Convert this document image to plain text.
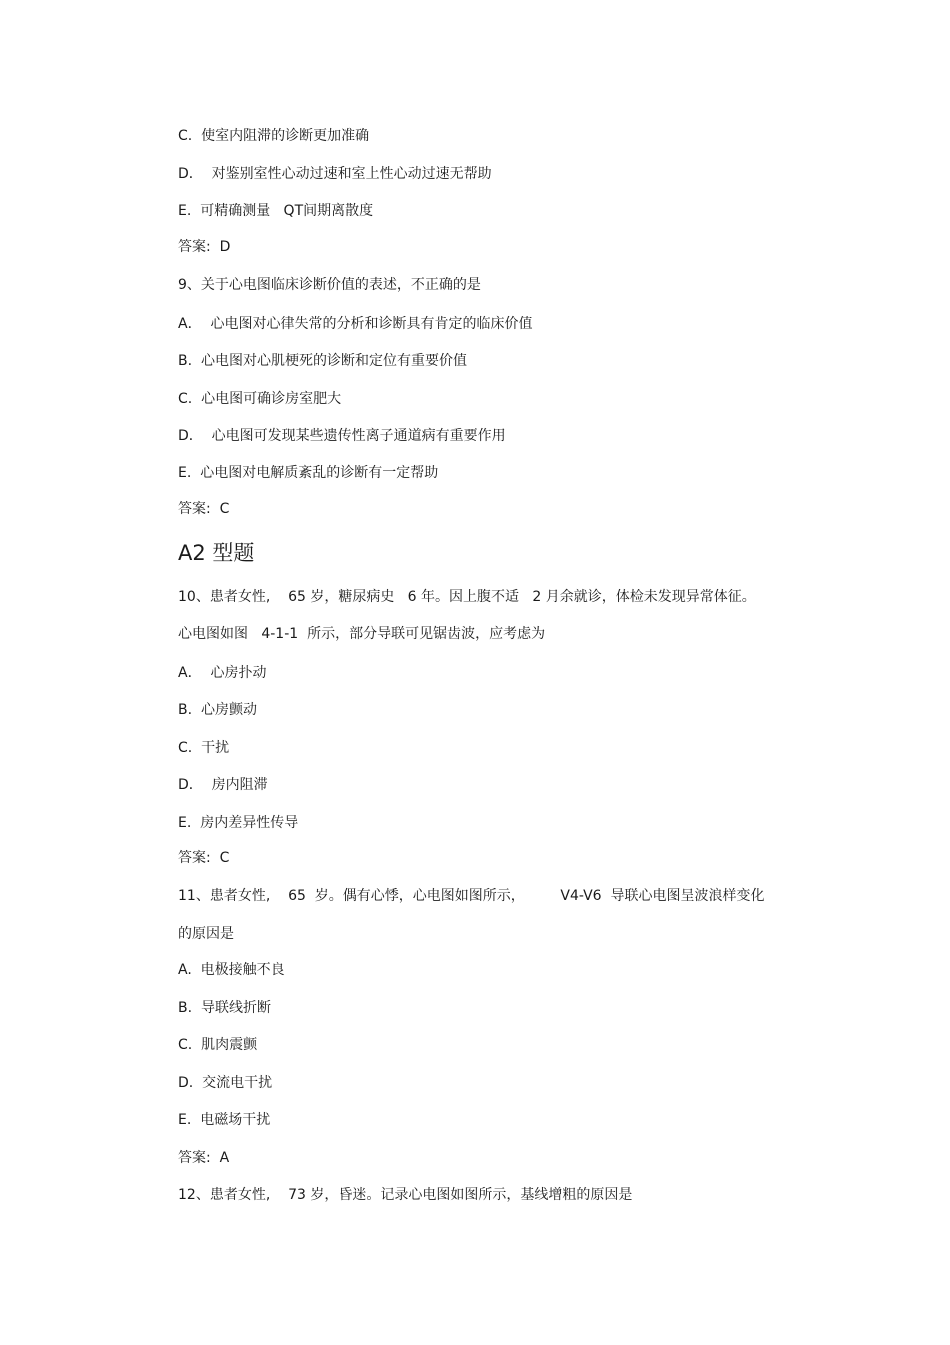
C.  使室内阻滞的诊断更加准确
D．  对鉴别室性心动过速和室上性心动过速无帮助
E.  可精确测量   QT间期离散度
答案:  D
9、关于心电图临床诊断价值的表述，不正确的是
A．  心电图对心律失常的分析和诊断具有肯定的临床价值
B.  心电图对心肌梗死的诊断和定位有重要价值
C.  心电图可确诊房室肥大
D．  心电图可发现某些遗传性离子通道病有重要作用
E.  心电图对电解质紊乱的诊断有一定帮助
答案:  C
A2 型题
10、患者女性,    65 岁，糖尿病史   6 年。因上腹不适   2 月余就诊，体检未发现异常体征。
心电图如图   4-1-1  所示，部分导联可见锯齿波，应考虑为
A．  心房扑动
B.  心房颤动
C.  干扰
D．  房内阻滞
E.  房内差异性传导
答案:  C
11、患者女性,    65  岁。偶有心悸，心电图如图所示，        V4-V6  导联心电图呈波浪样变化
的原因是
A.  电极接触不良
B.  导联线折断
C.  肌肉震颤
D.  交流电干扰
E.  电磁场干扰
答案:  A
12、患者女性,    73 岁，昏迷。记录心电图如图所示，基线增粗的原因是
